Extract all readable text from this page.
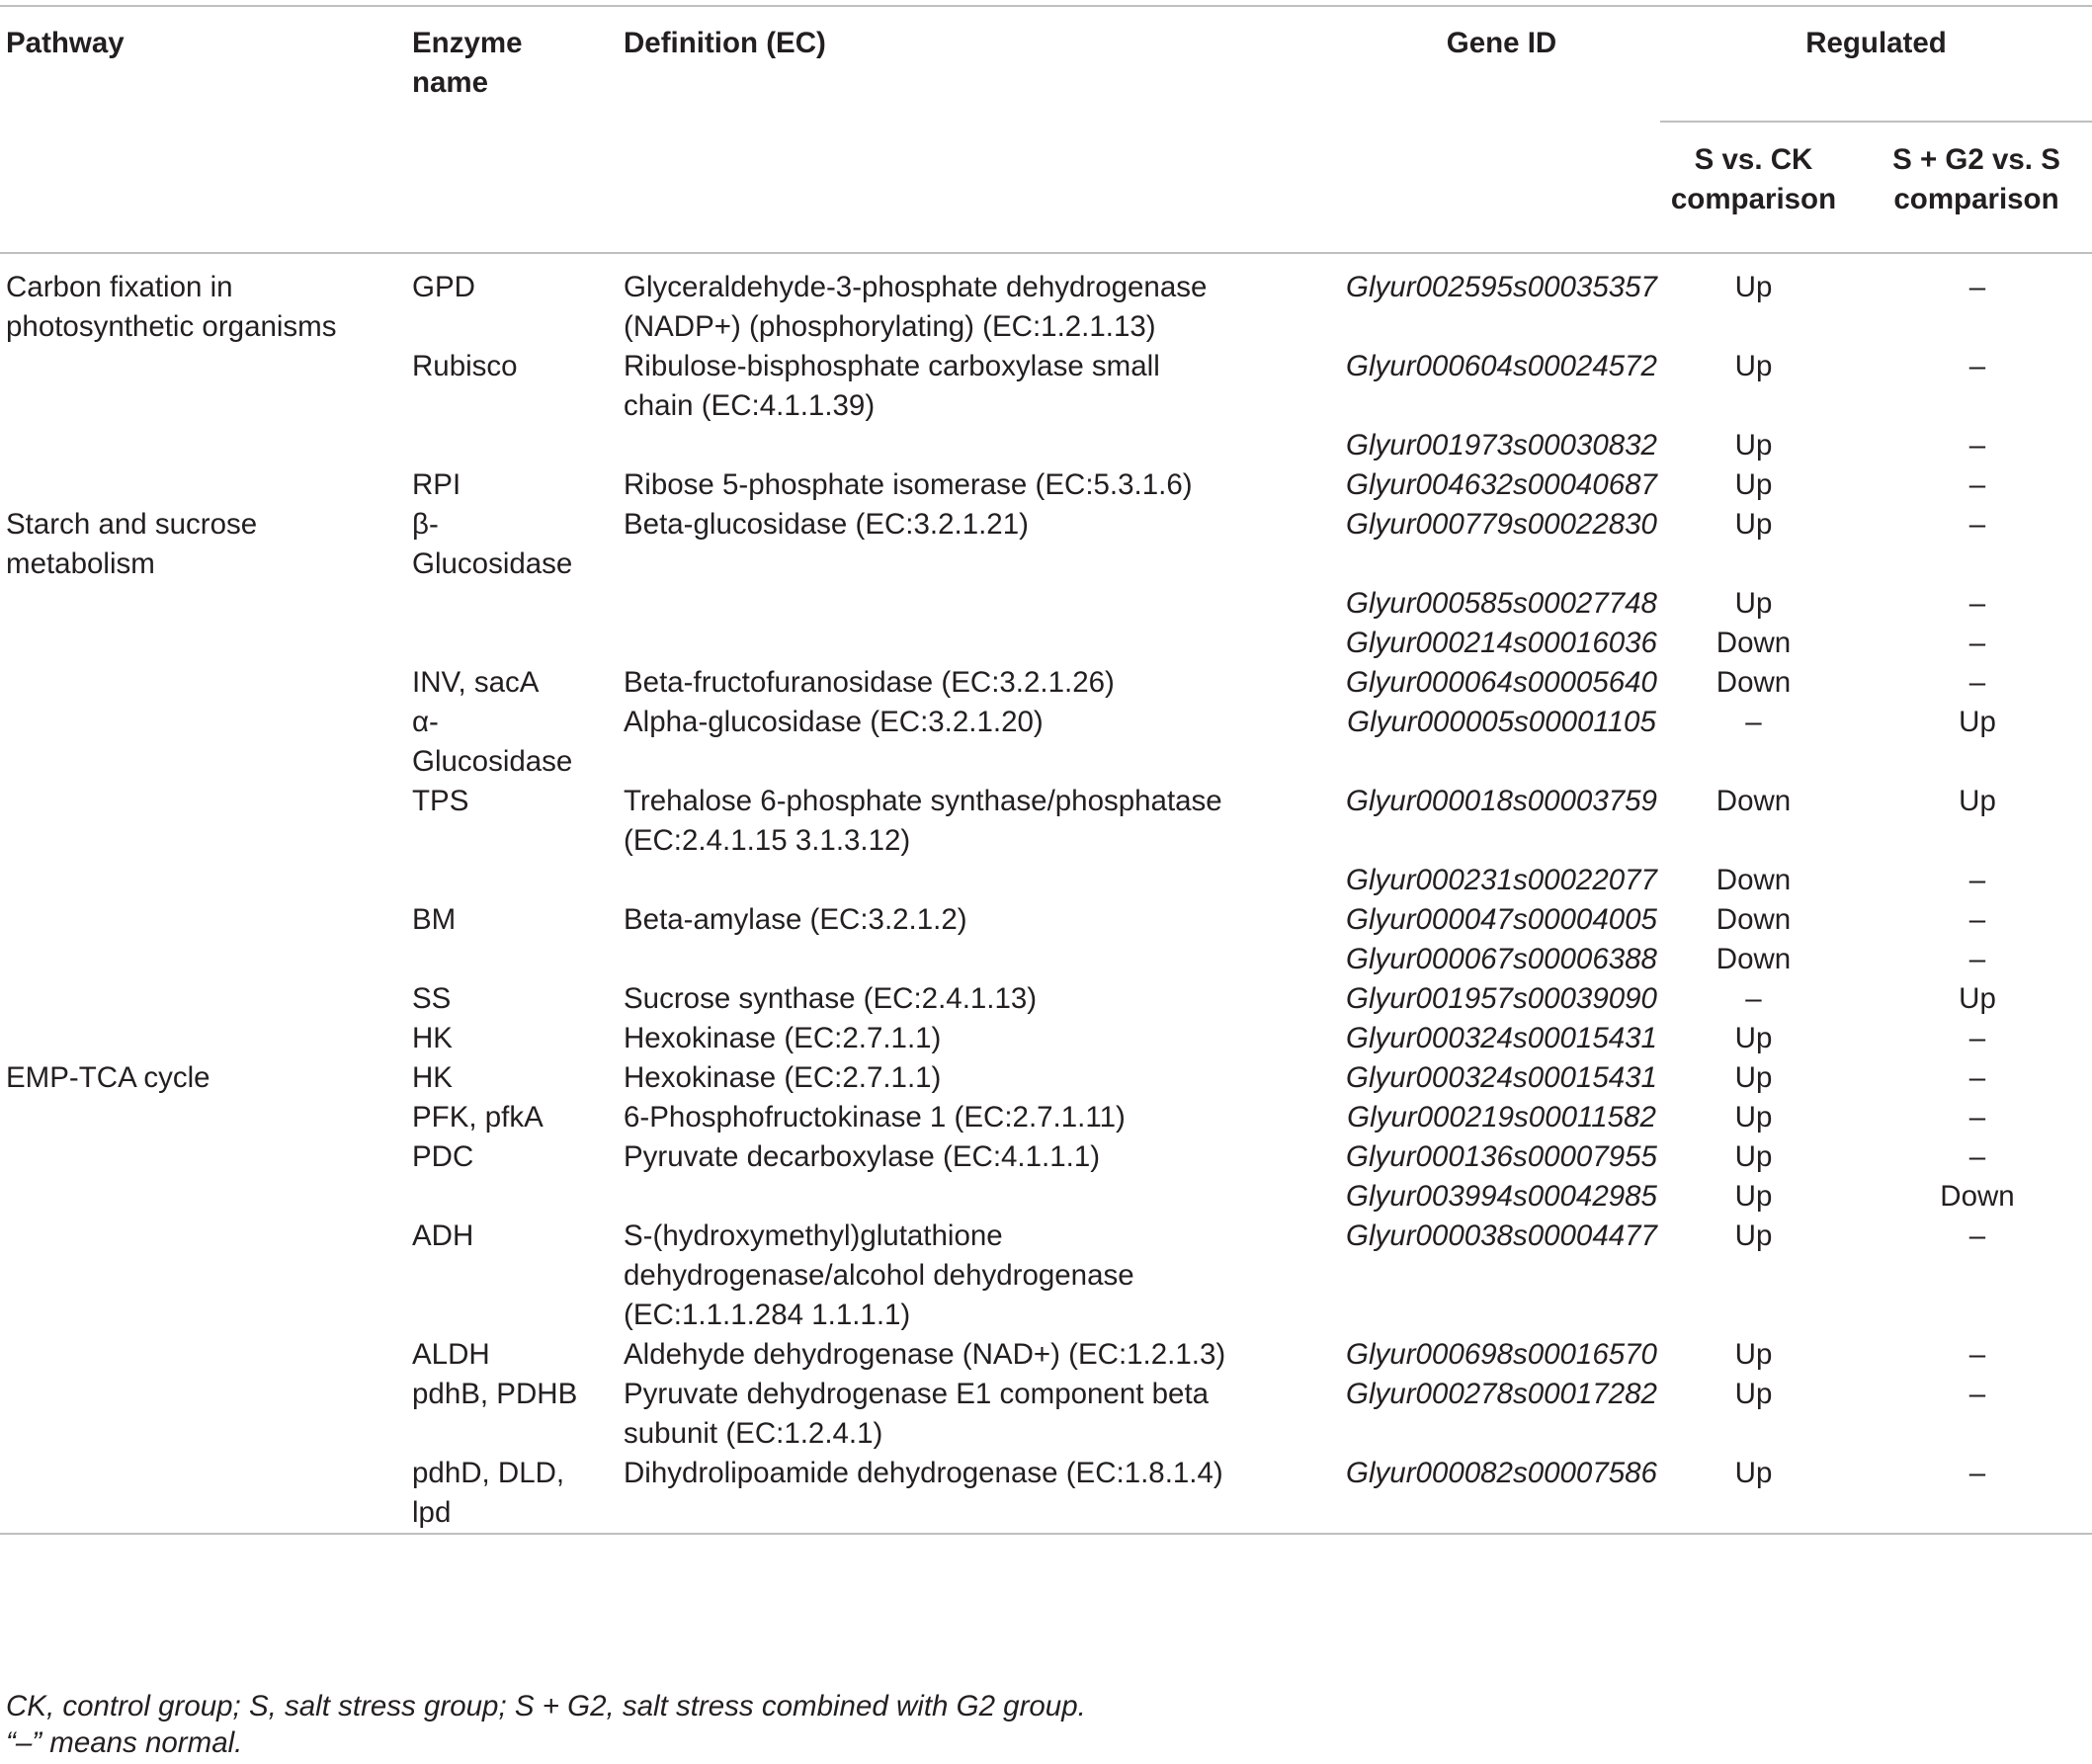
Pathway	Enzyme name	Definition (EC)	Gene ID	Regulated	
				S vs. CK comparison	S + G2 vs. S comparison
Carbon fixation in photosynthetic organisms	GPD	Glyceraldehyde-3-phosphate dehydrogenase (NADP+) (phosphorylating) (EC:1.2.1.13)	Glyur002595s00035357	Up	–
	Rubisco	Ribulose-bisphosphate carboxylase small chain (EC:4.1.1.39)	Glyur000604s00024572	Up	–
			Glyur001973s00030832	Up	–
	RPI	Ribose 5-phosphate isomerase (EC:5.3.1.6)	Glyur004632s00040687	Up	–
Starch and sucrose metabolism	β-Glucosidase	Beta-glucosidase (EC:3.2.1.21)	Glyur000779s00022830	Up	–
			Glyur000585s00027748	Up	–
			Glyur000214s00016036	Down	–
	INV, sacA	Beta-fructofuranosidase (EC:3.2.1.26)	Glyur000064s00005640	Down	–
	α-Glucosidase	Alpha-glucosidase (EC:3.2.1.20)	Glyur000005s00001105	–	Up
	TPS	Trehalose 6-phosphate synthase/phosphatase (EC:2.4.1.15 3.1.3.12)	Glyur000018s00003759	Down	Up
			Glyur000231s00022077	Down	–
	BM	Beta-amylase (EC:3.2.1.2)	Glyur000047s00004005	Down	–
			Glyur000067s00006388	Down	–
	SS	Sucrose synthase (EC:2.4.1.13)	Glyur001957s00039090	–	Up
	HK	Hexokinase (EC:2.7.1.1)	Glyur000324s00015431	Up	–
EMP-TCA cycle	HK	Hexokinase (EC:2.7.1.1)	Glyur000324s00015431	Up	–
	PFK, pfkA	6-Phosphofructokinase 1 (EC:2.7.1.11)	Glyur000219s00011582	Up	–
	PDC	Pyruvate decarboxylase (EC:4.1.1.1)	Glyur000136s00007955	Up	–
			Glyur003994s00042985	Up	Down
	ADH	S-(hydroxymethyl)glutathione dehydrogenase/alcohol dehydrogenase (EC:1.1.1.284 1.1.1.1)	Glyur000038s00004477	Up	–
	ALDH	Aldehyde dehydrogenase (NAD+) (EC:1.2.1.3)	Glyur000698s00016570	Up	–
	pdhB, PDHB	Pyruvate dehydrogenase E1 component beta subunit (EC:1.2.4.1)	Glyur000278s00017282	Up	–
	pdhD, DLD, lpd	Dihydrolipoamide dehydrogenase (EC:1.8.1.4)	Glyur000082s00007586	Up	–
CK, control group; S, salt stress group; S + G2, salt stress combined with G2 group.
“–” means normal.
